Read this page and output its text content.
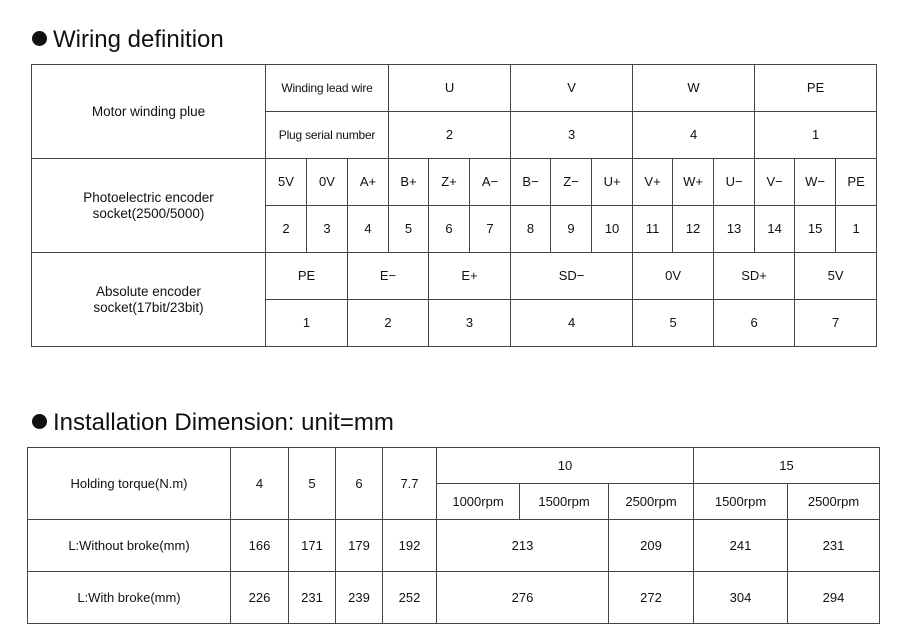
Wiring definition
Motor winding plue	Winding lead wire			U			V			W			PE		
	Plug serial number			2			3			4			1		
Photoelectric encoder
socket(2500/5000)	5V	0V	A+	B+	Z+	A−	B−	Z−	U+	V+	W+	U−	V−	W−	PE
	2	3	4	5	6	7	8	9	10	11	12	13	14	15	1
Absolute encoder
socket(17bit/23bit)	PE		E−		E+		SD−			0V		SD+		5V	
	1		2		3		4			5		6		7	
Installation Dimension: unit=mm
Holding torque(N.m)	4	5	6	7.7	10			15	
					1000rpm	1500rpm	2500rpm	1500rpm	2500rpm
L:Without broke(mm)	166	171	179	192	213		209	241	231
L:With broke(mm)	226	231	239	252	276		272	304	294
